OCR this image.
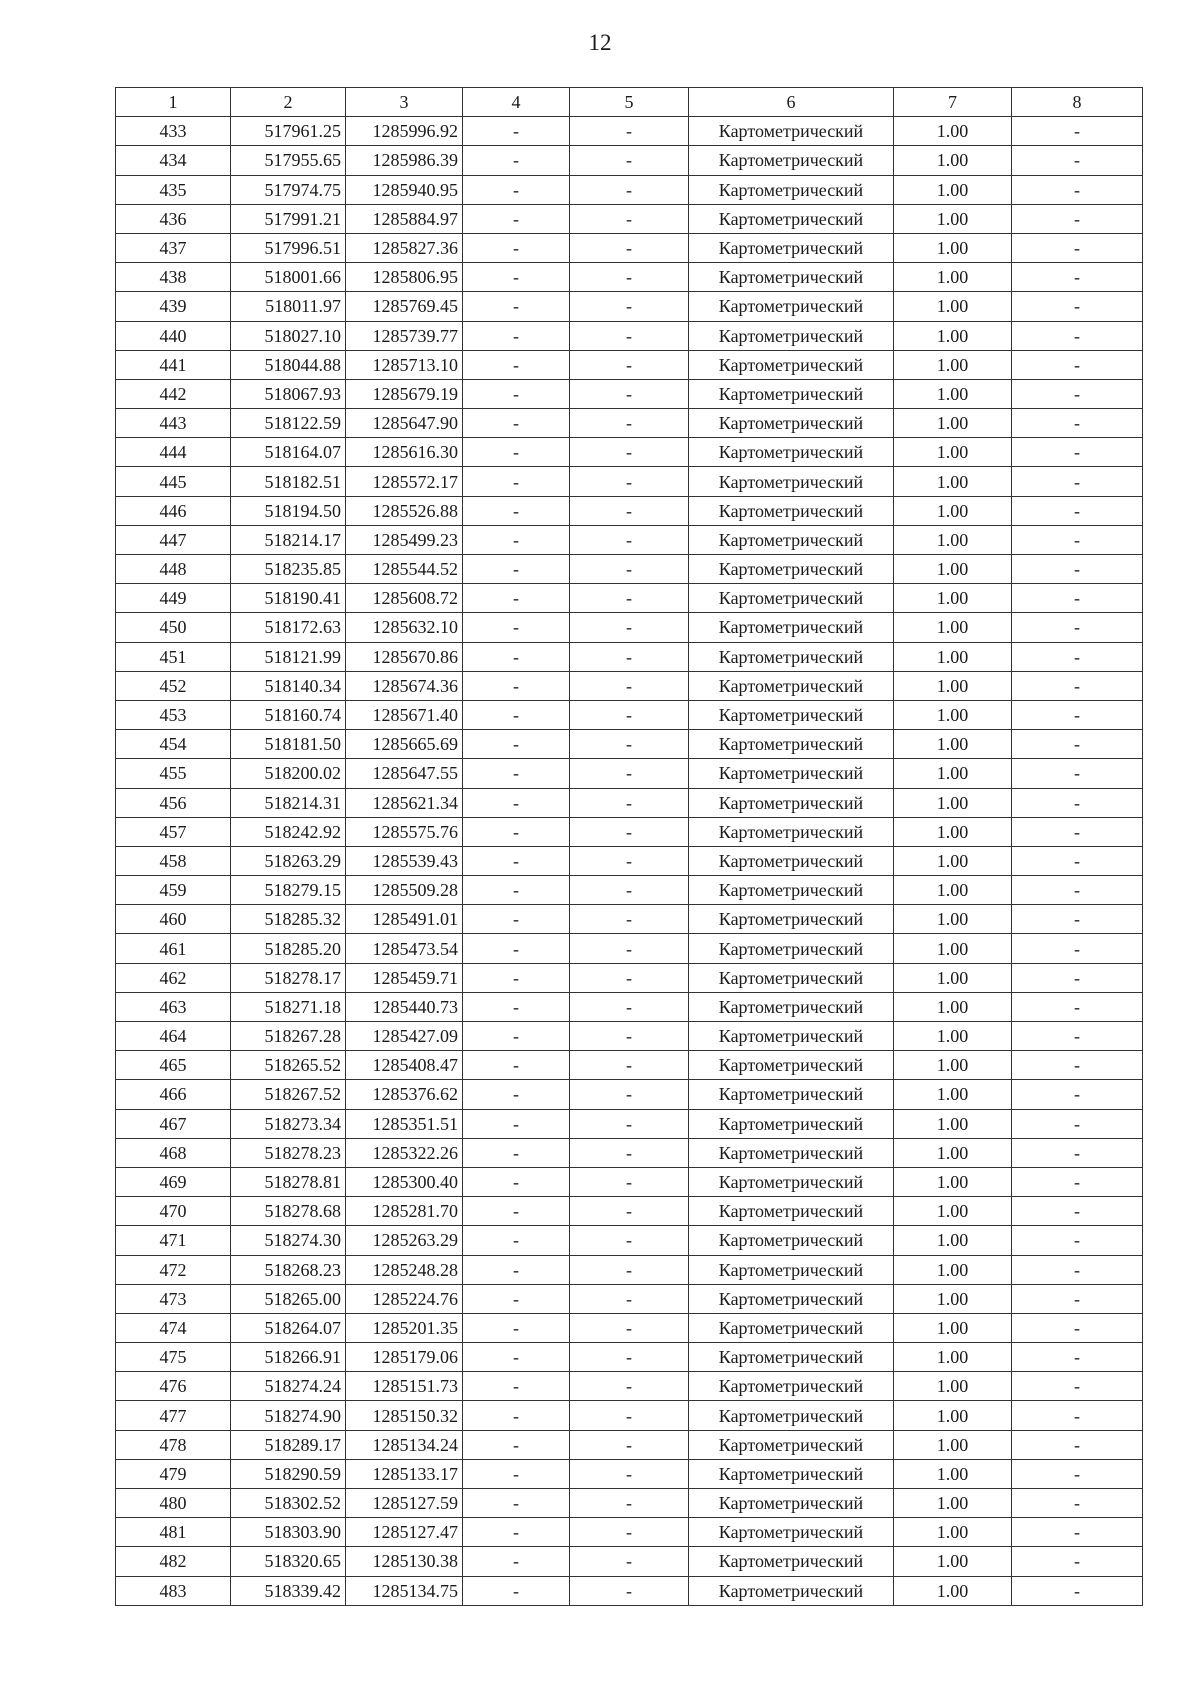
12
1	2	3	4	5	6	7	8
433	517961.25	1285996.92	-	-	Картометрический	1.00	-
434	517955.65	1285986.39	-	-	Картометрический	1.00	-
435	517974.75	1285940.95	-	-	Картометрический	1.00	-
436	517991.21	1285884.97	-	-	Картометрический	1.00	-
437	517996.51	1285827.36	-	-	Картометрический	1.00	-
438	518001.66	1285806.95	-	-	Картометрический	1.00	-
439	518011.97	1285769.45	-	-	Картометрический	1.00	-
440	518027.10	1285739.77	-	-	Картометрический	1.00	-
441	518044.88	1285713.10	-	-	Картометрический	1.00	-
442	518067.93	1285679.19	-	-	Картометрический	1.00	-
443	518122.59	1285647.90	-	-	Картометрический	1.00	-
444	518164.07	1285616.30	-	-	Картометрический	1.00	-
445	518182.51	1285572.17	-	-	Картометрический	1.00	-
446	518194.50	1285526.88	-	-	Картометрический	1.00	-
447	518214.17	1285499.23	-	-	Картометрический	1.00	-
448	518235.85	1285544.52	-	-	Картометрический	1.00	-
449	518190.41	1285608.72	-	-	Картометрический	1.00	-
450	518172.63	1285632.10	-	-	Картометрический	1.00	-
451	518121.99	1285670.86	-	-	Картометрический	1.00	-
452	518140.34	1285674.36	-	-	Картометрический	1.00	-
453	518160.74	1285671.40	-	-	Картометрический	1.00	-
454	518181.50	1285665.69	-	-	Картометрический	1.00	-
455	518200.02	1285647.55	-	-	Картометрический	1.00	-
456	518214.31	1285621.34	-	-	Картометрический	1.00	-
457	518242.92	1285575.76	-	-	Картометрический	1.00	-
458	518263.29	1285539.43	-	-	Картометрический	1.00	-
459	518279.15	1285509.28	-	-	Картометрический	1.00	-
460	518285.32	1285491.01	-	-	Картометрический	1.00	-
461	518285.20	1285473.54	-	-	Картометрический	1.00	-
462	518278.17	1285459.71	-	-	Картометрический	1.00	-
463	518271.18	1285440.73	-	-	Картометрический	1.00	-
464	518267.28	1285427.09	-	-	Картометрический	1.00	-
465	518265.52	1285408.47	-	-	Картометрический	1.00	-
466	518267.52	1285376.62	-	-	Картометрический	1.00	-
467	518273.34	1285351.51	-	-	Картометрический	1.00	-
468	518278.23	1285322.26	-	-	Картометрический	1.00	-
469	518278.81	1285300.40	-	-	Картометрический	1.00	-
470	518278.68	1285281.70	-	-	Картометрический	1.00	-
471	518274.30	1285263.29	-	-	Картометрический	1.00	-
472	518268.23	1285248.28	-	-	Картометрический	1.00	-
473	518265.00	1285224.76	-	-	Картометрический	1.00	-
474	518264.07	1285201.35	-	-	Картометрический	1.00	-
475	518266.91	1285179.06	-	-	Картометрический	1.00	-
476	518274.24	1285151.73	-	-	Картометрический	1.00	-
477	518274.90	1285150.32	-	-	Картометрический	1.00	-
478	518289.17	1285134.24	-	-	Картометрический	1.00	-
479	518290.59	1285133.17	-	-	Картометрический	1.00	-
480	518302.52	1285127.59	-	-	Картометрический	1.00	-
481	518303.90	1285127.47	-	-	Картометрический	1.00	-
482	518320.65	1285130.38	-	-	Картометрический	1.00	-
483	518339.42	1285134.75	-	-	Картометрический	1.00	-
